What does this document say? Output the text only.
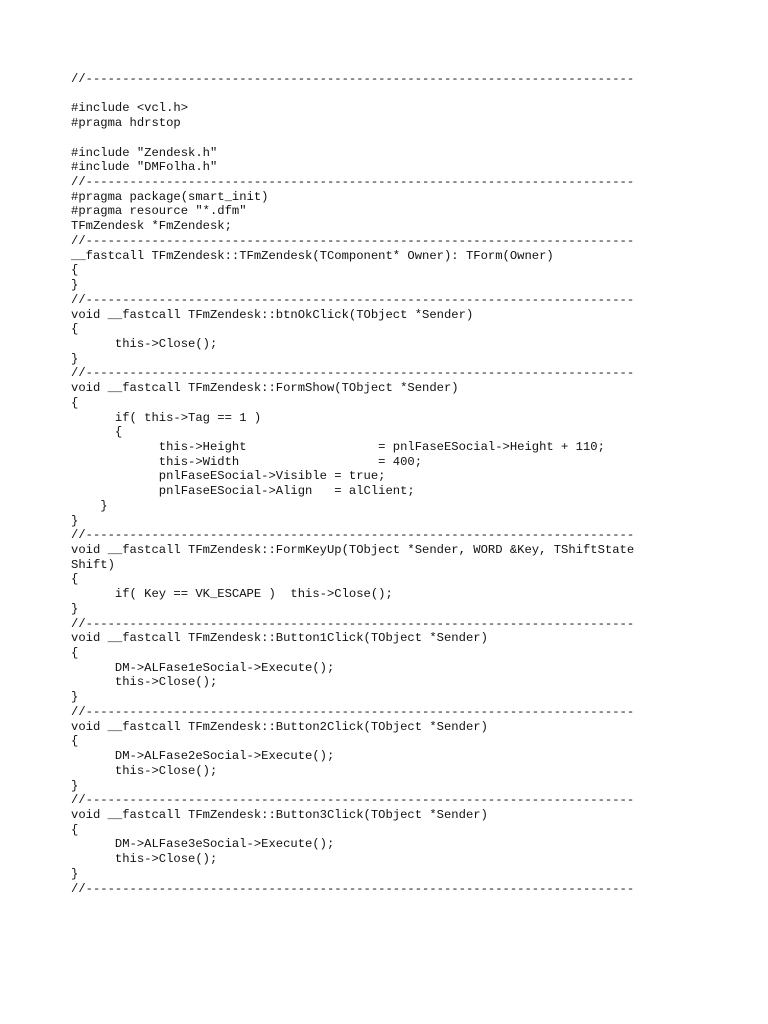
//---------------------------------------------------------------------------
#include <vcl.h>
#pragma hdrstop
#include "Zendesk.h"
#include "DMFolha.h"
//---------------------------------------------------------------------------
#pragma package(smart_init)
#pragma resource "*.dfm"
TFmZendesk *FmZendesk;
//---------------------------------------------------------------------------
__fastcall TFmZendesk::TFmZendesk(TComponent* Owner): TForm(Owner)
{
}
//---------------------------------------------------------------------------
void __fastcall TFmZendesk::btnOkClick(TObject *Sender)
{
this->Close();
}
//---------------------------------------------------------------------------
void __fastcall TFmZendesk::FormShow(TObject *Sender)
{
if( this->Tag == 1 )
{
this->Height                  = pnlFaseESocial->Height + 110;
this->Width                   = 400;
pnlFaseESocial->Visible = true;
pnlFaseESocial->Align   = alClient;
}
}
//---------------------------------------------------------------------------
void __fastcall TFmZendesk::FormKeyUp(TObject *Sender, WORD &Key, TShiftState
Shift)
{
if( Key == VK_ESCAPE )  this->Close();
}
//---------------------------------------------------------------------------
void __fastcall TFmZendesk::Button1Click(TObject *Sender)
{
DM->ALFase1eSocial->Execute();
this->Close();
}
//---------------------------------------------------------------------------
void __fastcall TFmZendesk::Button2Click(TObject *Sender)
{
DM->ALFase2eSocial->Execute();
this->Close();
}
//---------------------------------------------------------------------------
void __fastcall TFmZendesk::Button3Click(TObject *Sender)
{
DM->ALFase3eSocial->Execute();
this->Close();
}
//---------------------------------------------------------------------------
